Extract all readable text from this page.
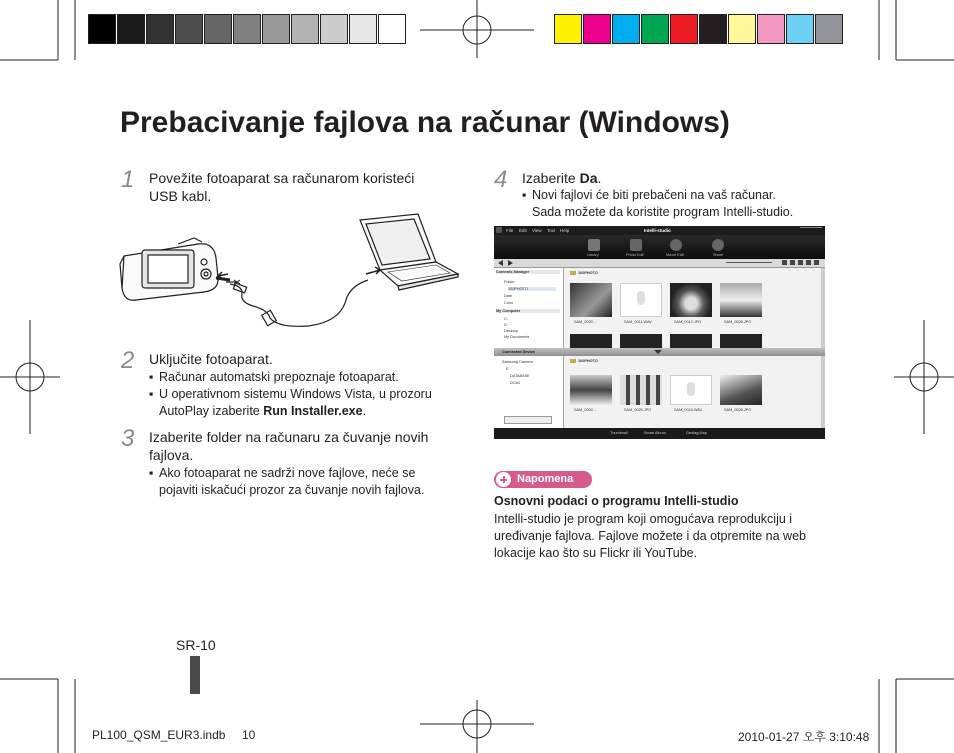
Prebacivanje fajlova na računar (Windows)
1 Povežite fotoaparat sa računarom koristeći
USB kabl.
2 Uključite fotoaparat.
▪ Računar automatski prepoznaje fotoaparat.
▪ U operativnom sistemu Windows Vista, u prozoru
AutoPlay izaberite Run Installer.exe.
3 Izaberite folder na računaru za čuvanje novih
fajlova.
▪ Ako fotoaparat ne sadrži nove fajlove, neće se
pojaviti iskačući prozor za čuvanje novih fajlova.
4 Izaberite Da.
▪ Novi fajlovi će biti prebačeni na vaš računar.
Sada možete da koristite program Intelli-studio.
File Edit View Tool Help	Intelli-studio
Library	Photo Edit	Movie Edit	Share
Contents Manager
Folder
100PHOTO
Date
Color
My Computer
C:
D:
Desktop
My Documents
100PHOTO
SAM_0020...	SAM_0011.WAV	SAM_0012.JPG	SAM_0026.JPG
Connected Device
Samsung Camera
E:
DATABASE
DCIM
100PHOTO
SAM_0004...	SAM_0025.JPG	SAM_0024.WAV	SAM_0026.JPG
Thumbnail	Smart Album	Geotag Map
Napomena
Osnovni podaci o programu Intelli-studio
Intelli-studio je program koji omogućava reprodukciju i
uređivanje fajlova. Fajlove možete i da otpremite na web
lokacije kao što su Flickr ili YouTube.
SR-10
PL100_QSM_EUR3.indb 10	2010-01-27 오후 3:10:48
